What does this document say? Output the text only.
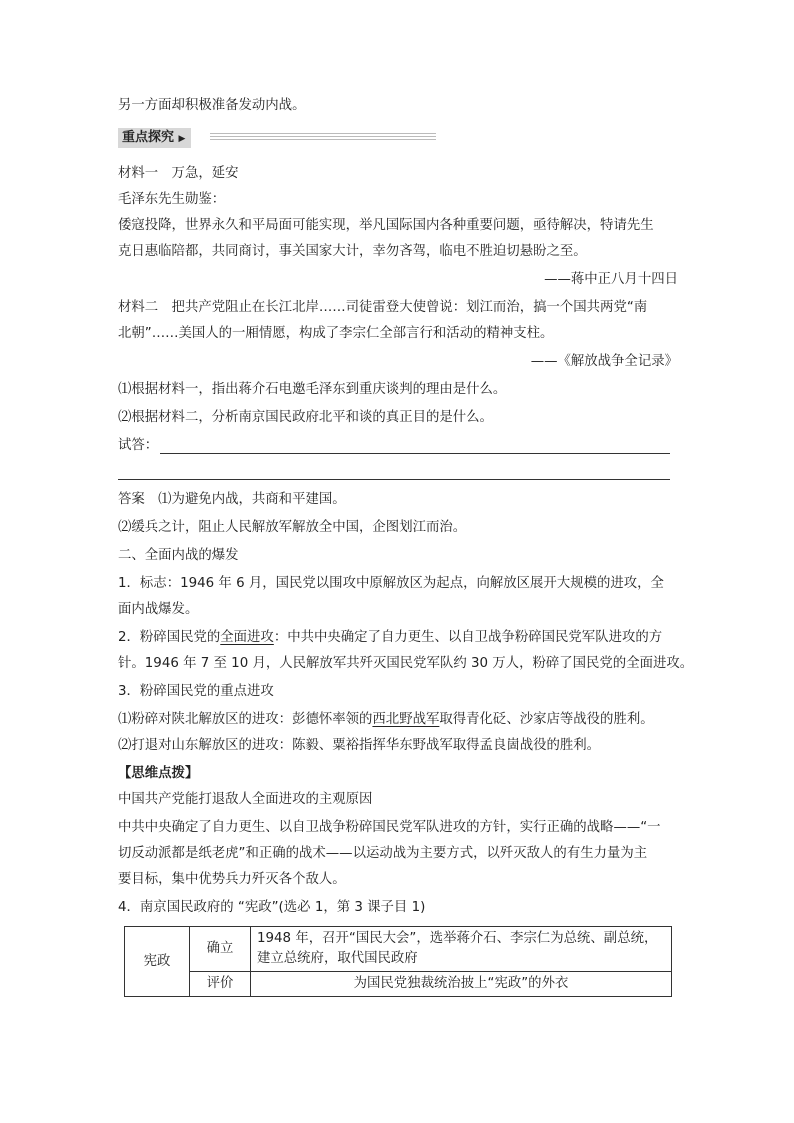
另一方面却积极准备发动内战。
重点探究 ▶
材料一　万急，延安
毛泽东先生勋鉴：
倭寇投降，世界永久和平局面可能实现，举凡国际国内各种重要问题，亟待解决，特请先生
克日惠临陪都，共同商讨，事关国家大计，幸勿吝驾，临电不胜迫切悬盼之至。
——蒋中正八月十四日
材料二　把共产党阻止在长江北岸……司徒雷登大使曾说：划江而治，搞一个国共两党“南
北朝”……美国人的一厢情愿，构成了李宗仁全部言行和活动的精神支柱。
——《解放战争全记录》
⑴根据材料一，指出蒋介石电邀毛泽东到重庆谈判的理由是什么。
⑵根据材料二，分析南京国民政府北平和谈的真正目的是什么。
试答：
答案　 ⑴为避免内战，共商和平建国。
⑵缓兵之计，阻止人民解放军解放全中国，企图划江而治。
二、全面内战的爆发
1．标志：1946 年 6 月，国民党以围攻中原解放区为起点，向解放区展开大规模的进攻，全
面内战爆发。
2．粉碎国民党的全面进攻：中共中央确定了自力更生、以自卫战争粉碎国民党军队进攻的方
针。1946 年 7 至 10 月，人民解放军共歼灭国民党军队约 30 万人，粉碎了国民党的全面进攻。
3．粉碎国民党的重点进攻
⑴粉碎对陕北解放区的进攻：彭德怀率领的西北野战军取得青化砭、沙家店等战役的胜利。
⑵打退对山东解放区的进攻：陈毅、粟裕指挥华东野战军取得孟良崮战役的胜利。
【思维点拨】
中国共产党能打退敌人全面进攻的主观原因
中共中央确定了自力更生、以自卫战争粉碎国民党军队进攻的方针，实行正确的战略——“一
切反动派都是纸老虎”和正确的战术——以运动战为主要方式，以歼灭敌人的有生力量为主
要目标，集中优势兵力歼灭各个敌人。
4．南京国民政府的 “宪政”(选必 1，第 3 课子目 1)
宪政	确立	1948 年，召开“国民大会”，选举蒋介石、李宗仁为总统、副总统，建立总统府，取代国民政府
	评价	为国民党独裁统治披上“宪政”的外衣
